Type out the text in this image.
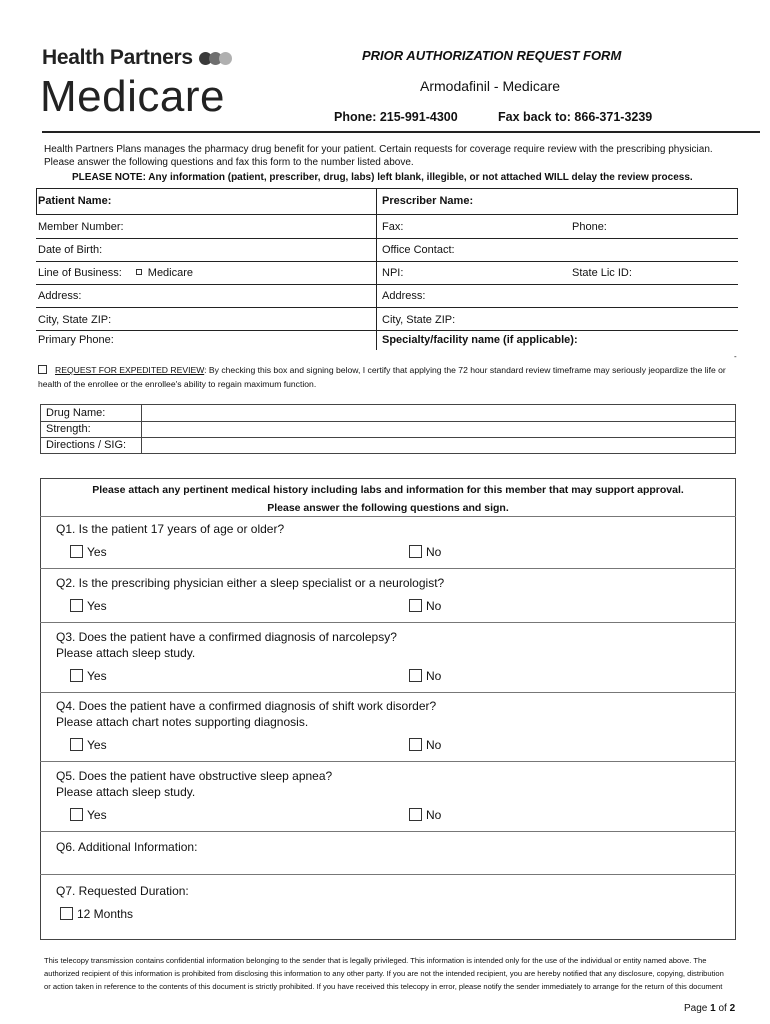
Health Partners
Medicare
PRIOR AUTHORIZATION REQUEST FORM
Armodafinil - Medicare
Phone: 215-991-4300	Fax back to: 866-371-3239
Health Partners Plans manages the pharmacy drug benefit for your patient. Certain requests for coverage require review with the prescribing physician. Please answer the following questions and fax this form to the number listed above.
PLEASE NOTE: Any information (patient, prescriber, drug, labs) left blank, illegible, or not attached WILL delay the review process.
Patient Name:	Prescriber Name:
Member Number:	Fax:	Phone:
Date of Birth:	Office Contact:
Line of Business: Medicare	NPI:	State Lic ID:
Address:	Address:
City, State ZIP:	City, State ZIP:
Primary Phone:	Specialty/facility name (if applicable):
-
REQUEST FOR EXPEDITED REVIEW: By checking this box and signing below, I certify that applying the 72 hour standard review timeframe may seriously jeopardize the life or health of the enrollee or the enrollee's ability to regain maximum function.
Drug Name:
Strength:
Directions / SIG:
Please attach any pertinent medical history including labs and information for this member that may support approval.
Please answer the following questions and sign.
Q1. Is the patient 17 years of age or older?
Yes	No
Q2. Is the prescribing physician either a sleep specialist or a neurologist?
Yes	No
Q3. Does the patient have a confirmed diagnosis of narcolepsy?
Please attach sleep study.
Yes	No
Q4. Does the patient have a confirmed diagnosis of shift work disorder?
Please attach chart notes supporting diagnosis.
Yes	No
Q5. Does the patient have obstructive sleep apnea?
Please attach sleep study.
Yes	No
Q6. Additional Information:
Q7. Requested Duration:
12 Months
This telecopy transmission contains confidential information belonging to the sender that is legally privileged. This information is intended only for the use of the individual or entity named above. The authorized recipient of this information is prohibited from disclosing this information to any other party. If you are not the intended recipient, you are hereby notified that any disclosure, copying, distribution or action taken in reference to the contents of this document is strictly prohibited. If you have received this telecopy in error, please notify the sender immediately to arrange for the return of this document
Page 1 of 2
